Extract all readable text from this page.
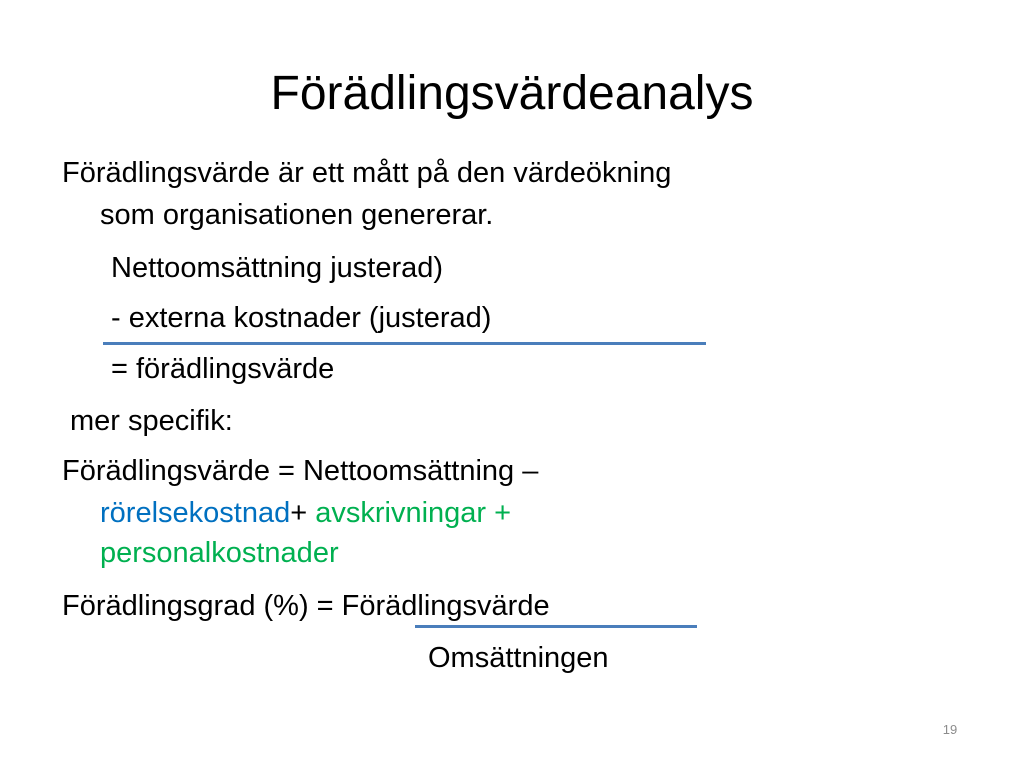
Förädlingsvärdeanalys
Förädlingsvärde är ett mått på den värdeökning
som organisationen genererar.
Nettoomsättning justerad)
- externa kostnader (justerad)
= förädlingsvärde
mer specifik:
Förädlingsvärde = Nettoomsättning –
rörelsekostnad+ avskrivningar +
personalkostnader
Förädlingsgrad (%) = Förädlingsvärde
Omsättningen
19
